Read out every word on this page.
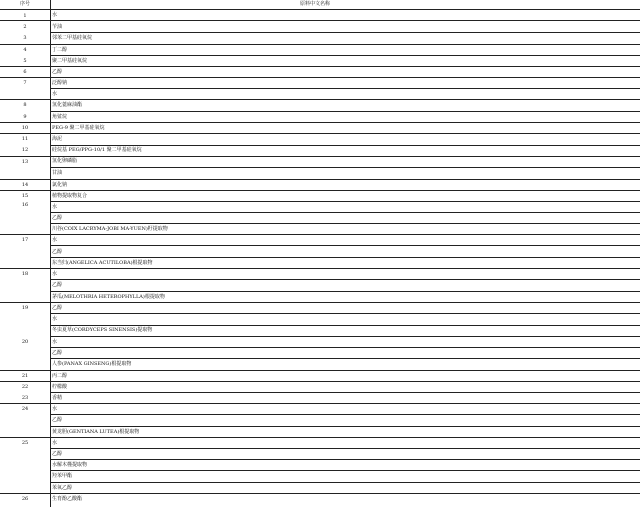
序号	原料中文名称
1
2
3
4
5
6
7
8
9
10
11
12
13
14
15
16
17
18
19
20
21
22
23
24
25
26
水
苄油
邻苯二甲基硅氧烷
丁二醇
聚二甲基硅氧烷
乙醇
泛醇钠
水
氢化蓖麻油酯
角鲨烷
PEG-9 聚二甲基硅氧烷
海泥
硅烷基 PEG/PPG-10/1 聚二甲基硅氧烷
氢化卵磷脂
甘油
氯化钠
植物提取物复合
水
乙醇
川谷(COIX LACRYMA-JOBI MA-YUEN)籽提取物
水
乙醇
东当归(ANGELICA ACUTILOBA)根提取物
水
乙醇
茅瓜(MELOTHRIA HETEROPHYLLA)根提取物
乙醇
水
冬虫夏草(CORDYCEPS SINENSIS)提取物
水
乙醇
人参(PANAX GINSENG)根提取物
丙二醇
柠檬酸
香精
水
乙醇
黄龙胆(GENTIANA LUTEA)根提取物
水
乙醇
水解木槿提取物
羟苯甲酯
苯氧乙醇
生育酚乙酸酯
